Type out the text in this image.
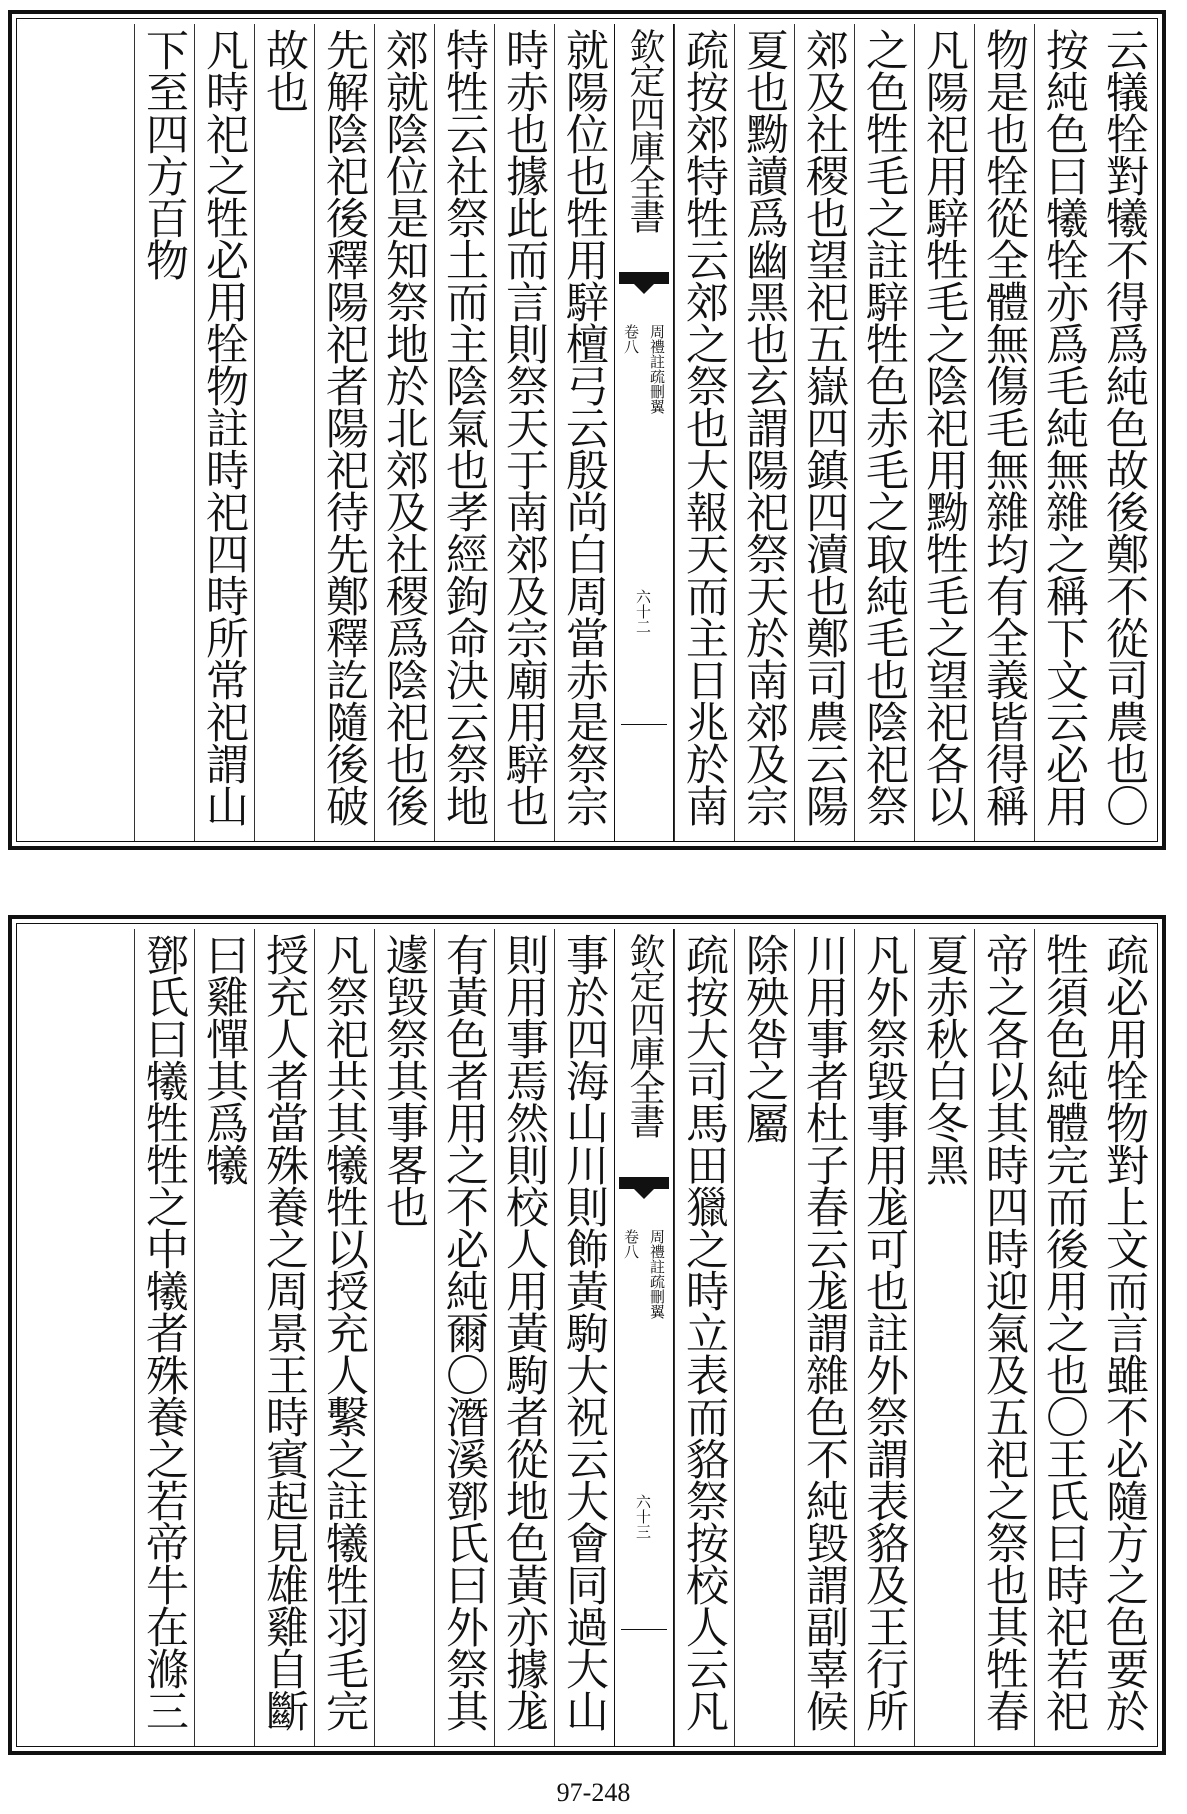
云犠牷對犧不得爲純色故後鄭不從司農也〇
按純色曰犧牷亦爲毛純無雜之稱下文云必用
物是也牷從全體無傷毛無雜均有全義皆得稱
凡陽祀用騂牲毛之陰祀用黝牲毛之望祀各以
之色牲毛之註騂牲色赤毛之取純毛也陰祀祭
郊及社稷也望祀五嶽四鎮四瀆也鄭司農云陽
夏也黝讀爲幽黑也玄謂陽祀祭天於南郊及宗
疏按郊特牲云郊之祭也大報天而主日兆於南
欽定四庫全書
周禮註疏刪翼
卷八
六十二
就陽位也牲用騂檀弓云殷尚白周當赤是祭宗
時赤也據此而言則祭天于南郊及宗廟用騂也
特牲云社祭土而主陰氣也孝經鉤命決云祭地
郊就陰位是知祭地於北郊及社稷爲陰祀也後
先解陰祀後釋陽祀者陽祀待先鄭釋訖隨後破
故也
凡時祀之牲必用牷物註時祀四時所常祀謂山
下至四方百物
疏必用牷物對上文而言雖不必隨方之色要於
牲須色純體完而後用之也〇王氏曰時祀若祀
帝之各以其時四時迎氣及五祀之祭也其牲春
夏赤秋白冬黑
凡外祭毀事用尨可也註外祭謂表貉及王行所
川用事者杜子春云尨謂雜色不純毀謂副辜候
除殃咎之屬
疏按大司馬田獵之時立表而貉祭按校人云凡
欽定四庫全書
周禮註疏刪翼
卷八
六十三
事於四海山川則飾黃駒大祝云大會同過大山
則用事焉然則校人用黃駒者從地色黃亦據尨
有黃色者用之不必純爾〇潛溪鄧氏曰外祭其
遽毀祭其事畧也
凡祭祀共其犧牲以授充人繫之註犧牲羽毛完
授充人者當殊養之周景王時賓起見雄雞自斷
曰雞憚其爲犧
鄧氏曰犧牲牲之中犧者殊養之若帝牛在滌三
97-248
